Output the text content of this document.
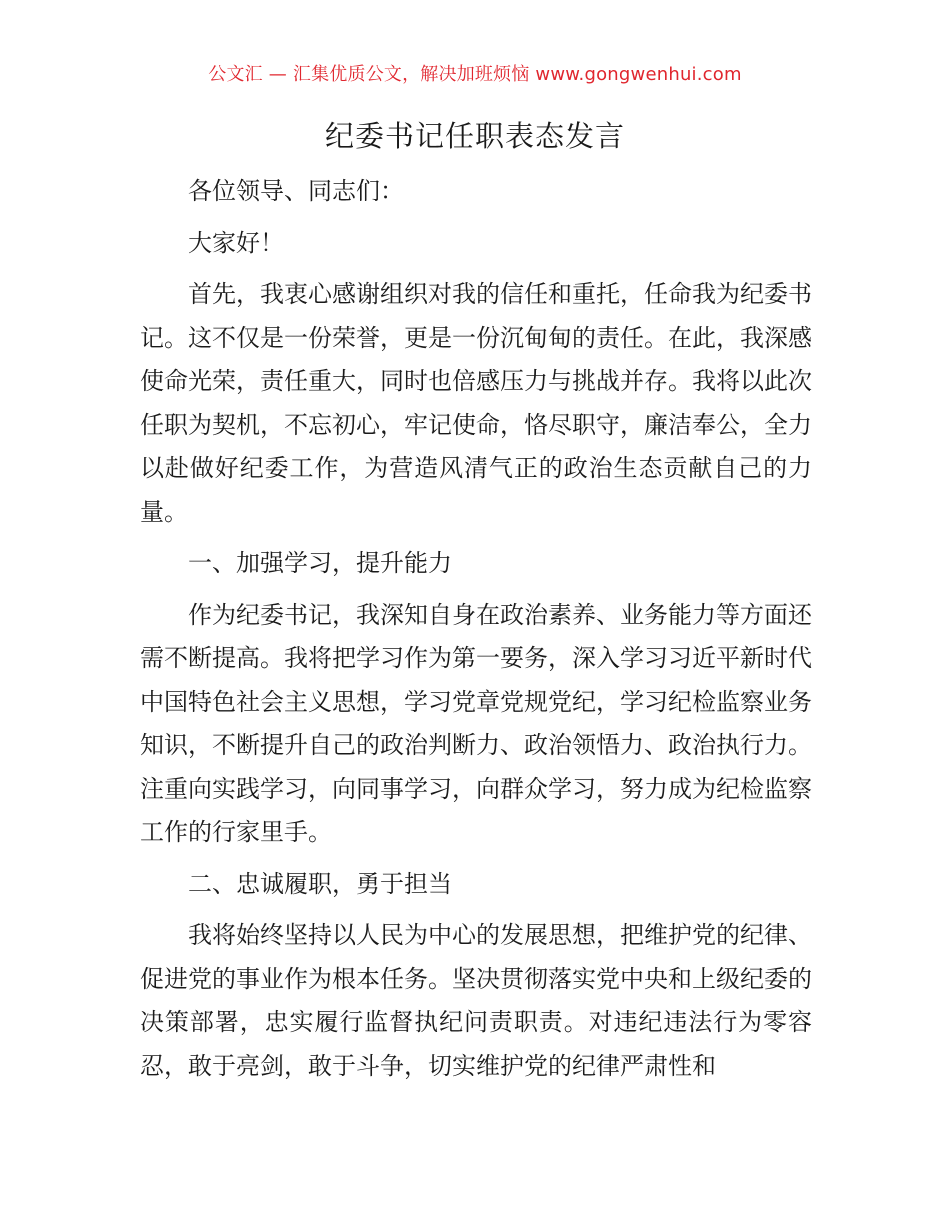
公文汇 — 汇集优质公文，解决加班烦恼 www.gongwenhui.com
纪委书记任职表态发言

各位领导、同志们：

大家好！

首先，我衷心感谢组织对我的信任和重托，任命我为纪委书记。这不仅是一份荣誉，更是一份沉甸甸的责任。在此，我深感使命光荣，责任重大，同时也倍感压力与挑战并存。我将以此次任职为契机，不忘初心，牢记使命，恪尽职守，廉洁奉公，全力以赴做好纪委工作，为营造风清气正的政治生态贡献自己的力量。

一、加强学习，提升能力

作为纪委书记，我深知自身在政治素养、业务能力等方面还需不断提高。我将把学习作为第一要务，深入学习习近平新时代中国特色社会主义思想，学习党章党规党纪，学习纪检监察业务知识，不断提升自己的政治判断力、政治领悟力、政治执行力。注重向实践学习，向同事学习，向群众学习，努力成为纪检监察工作的行家里手。

二、忠诚履职，勇于担当

我将始终坚持以人民为中心的发展思想，把维护党的纪律、促进党的事业作为根本任务。坚决贯彻落实党中央和上级纪委的决策部署，忠实履行监督执纪问责职责。对违纪违法行为零容忍，敢于亮剑，敢于斗争，切实维护党的纪律严肃性和
